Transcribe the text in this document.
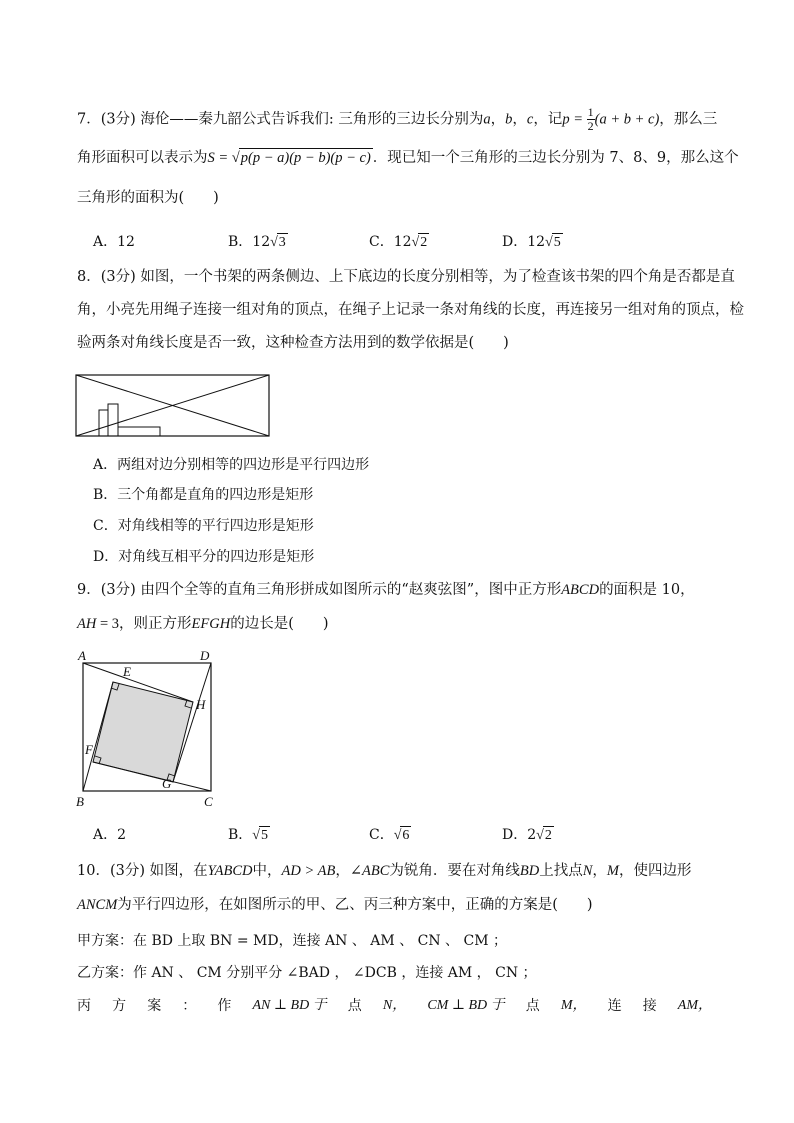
7．(3分) 海伦——秦九韶公式告诉我们: 三角形的三边长分别为a，b，c，记$p = \frac{1}{2} (a + b + c)$，那么三
角形面积可以表示为S = √p(p − a)(p − b)(p − c) ．现已知一个三角形的三边长分别为 7、8、9，那么这个
三角形的面积为(　　)
A．12	B．12√3	C．12√2	D．12√5
8．(3分) 如图，一个书架的两条侧边、上下底边的长度分别相等，为了检查该书架的四个角是否都是直
角，小亮先用绳子连接一组对角的顶点，在绳子上记录一条对角线的长度，再连接另一组对角的顶点，检
验两条对角线长度是否一致，这种检查方法用到的数学依据是(　　)
A．两组对边分别相等的四边形是平行四边形
B．三个角都是直角的四边形是矩形
C．对角线相等的平行四边形是矩形
D．对角线互相平分的四边形是矩形
9．(3分) 由四个全等的直角三角形拼成如图所示的“赵爽弦图”，图中正方形ABCD的面积是 10，
AH = 3，则正方形EFGH的边长是(　　)
A	D
E
H
F
G
B	C
A．2	B．√5	C．√6	D．2√2
10．(3分) 如图，在YABCD中，AD > AB，∠ABC为锐角．要在对角线BD上找点N，M，使四边形
ANCM为平行四边形，在如图所示的甲、乙、丙三种方案中，正确的方案是(　　)
甲方案：在 BD 上取 BN = MD，连接 AN 、 AM 、 CN 、 CM ；
乙方案：作 AN 、 CM 分别平分 ∠BAD ， ∠DCB ，连接 AM ， CN ；
丙 方 案 ： 作 AN ⊥ BD 于 点 N， CM ⊥ BD 于 点 M， 连 接 AM，
